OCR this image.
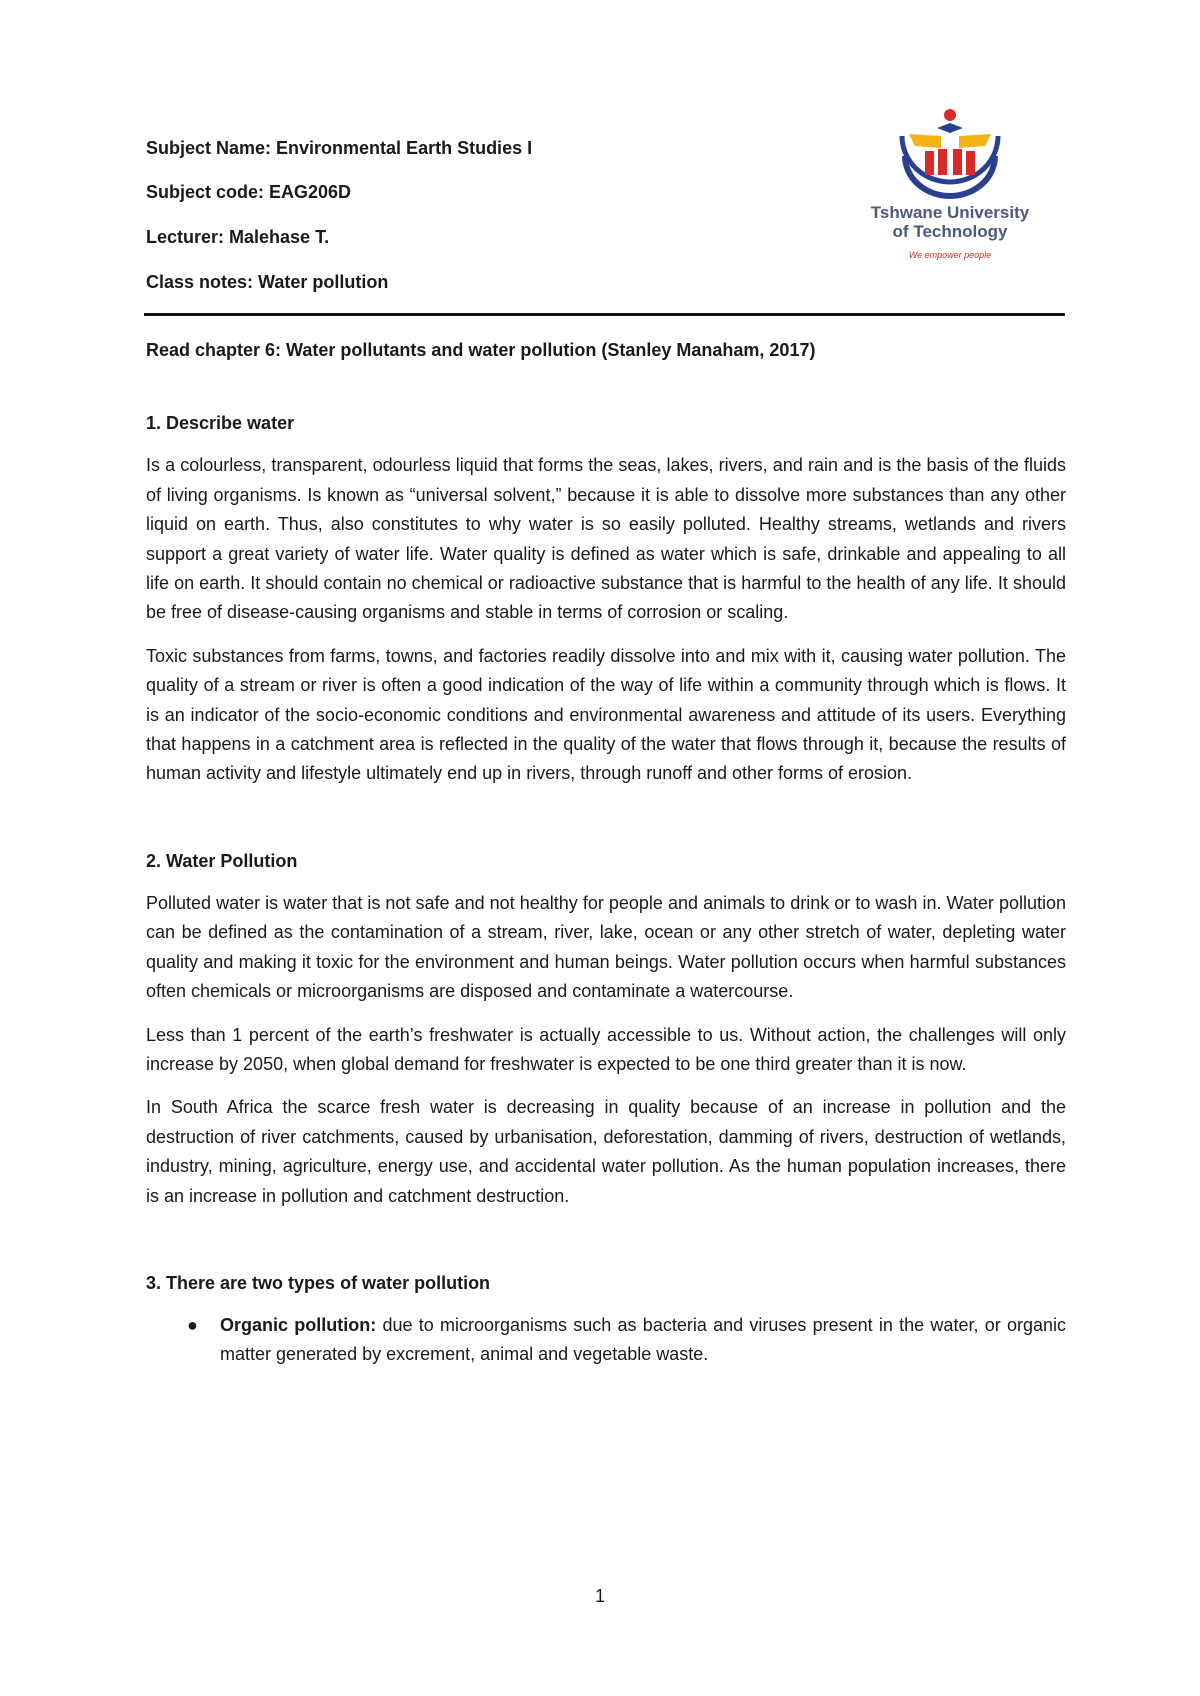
Subject Name: Environmental Earth Studies I

Subject code: EAG206D

Lecturer: Malehase T.

Class notes: Water pollution

Tshwane University
of Technology
We empower people

Read chapter 6: Water pollutants and water pollution (Stanley Manaham, 2017)

1. Describe water

Is a colourless, transparent, odourless liquid that forms the seas, lakes, rivers, and rain and is the basis of the fluids of living organisms. Is known as “universal solvent,” because it is able to dissolve more substances than any other liquid on earth. Thus, also constitutes to why water is so easily polluted. Healthy streams, wetlands and rivers support a great variety of water life. Water quality is defined as water which is safe, drinkable and appealing to all life on earth. It should contain no chemical or radioactive substance that is harmful to the health of any life. It should be free of disease-causing organisms and stable in terms of corrosion or scaling.

Toxic substances from farms, towns, and factories readily dissolve into and mix with it, causing water pollution. The quality of a stream or river is often a good indication of the way of life within a community through which is flows. It is an indicator of the socio-economic conditions and environmental awareness and attitude of its users. Everything that happens in a catchment area is reflected in the quality of the water that flows through it, because the results of human activity and lifestyle ultimately end up in rivers, through runoff and other forms of erosion.

2. Water Pollution

Polluted water is water that is not safe and not healthy for people and animals to drink or to wash in. Water pollution can be defined as the contamination of a stream, river, lake, ocean or any other stretch of water, depleting water quality and making it toxic for the environment and human beings. Water pollution occurs when harmful substances often chemicals or microorganisms are disposed and contaminate a watercourse.

Less than 1 percent of the earth’s freshwater is actually accessible to us. Without action, the challenges will only increase by 2050, when global demand for freshwater is expected to be one third greater than it is now.

In South Africa the scarce fresh water is decreasing in quality because of an increase in pollution and the destruction of river catchments, caused by urbanisation, deforestation, damming of rivers, destruction of wetlands, industry, mining, agriculture, energy use, and accidental water pollution. As the human population increases, there is an increase in pollution and catchment destruction.

3. There are two types of water pollution
● Organic pollution: due to microorganisms such as bacteria and viruses present in the water, or organic matter generated by excrement, animal and vegetable waste.
1
